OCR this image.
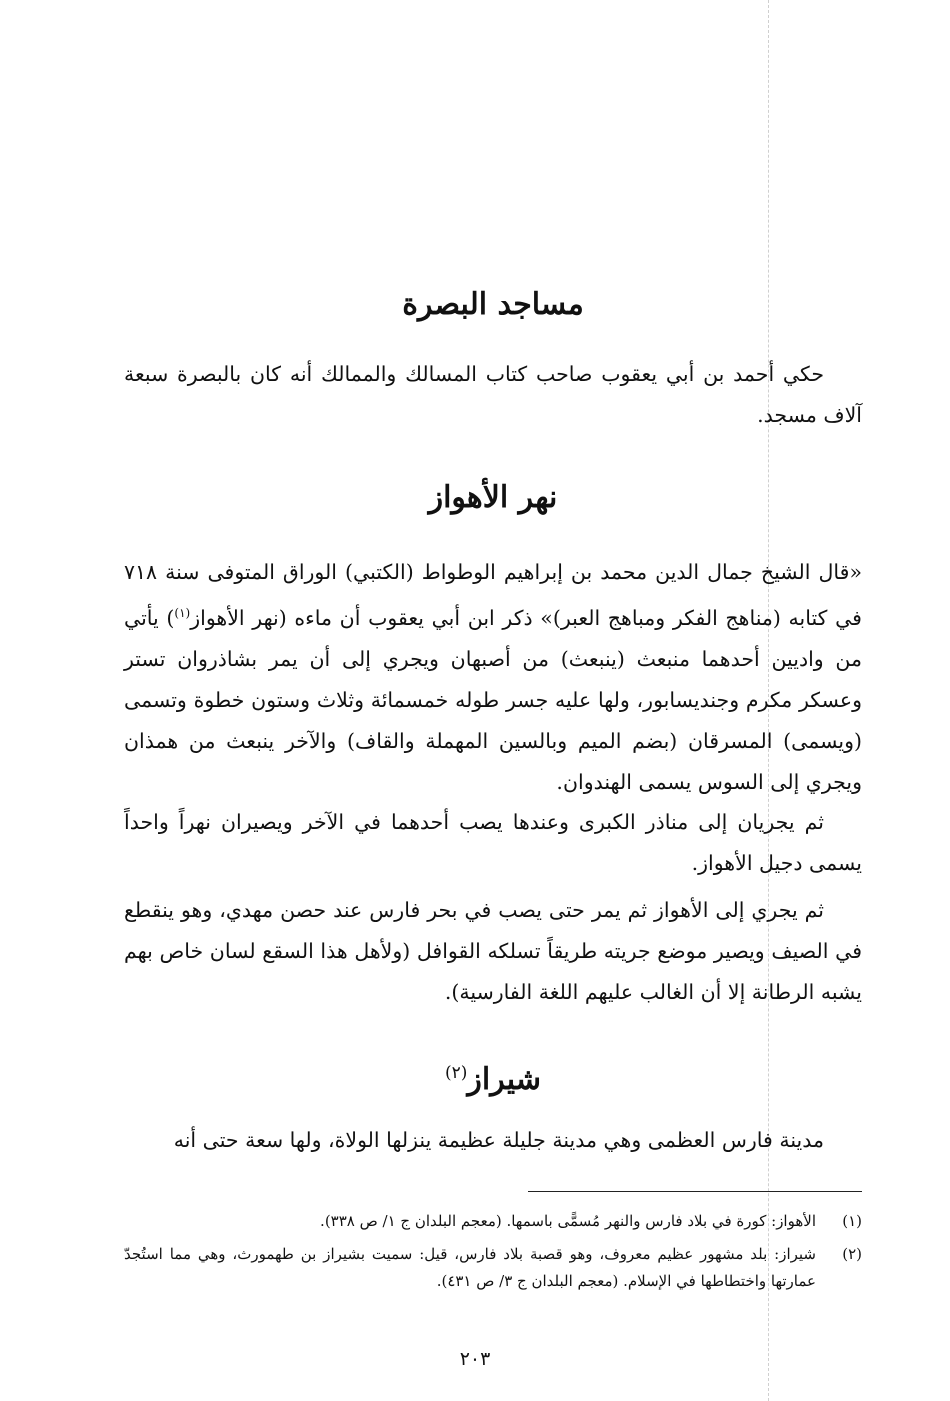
مساجد البصرة

حكي أحمد بن أبي يعقوب صاحب كتاب المسالك والممالك أنه كان بالبصرة سبعة آلاف مسجد.

نهر الأهواز

«قال الشيخ جمال الدين محمد بن إبراهيم الوطواط (الكتبي) الوراق المتوفى سنة ٧١٨ في كتابه (مناهج الفكر ومباهج العبر)» ذكر ابن أبي يعقوب أن ماءه (نهر الأهواز$^{(١)}$) يأتي من واديين أحدهما منبعث (ينبعث) من أصبهان ويجري إلى أن يمر بشاذروان تستر وعسكر مكرم وجنديسابور، ولها عليه جسر طوله خمسمائة وثلاث وستون خطوة وتسمى (ويسمى) المسرقان (بضم الميم وبالسين المهملة والقاف) والآخر ينبعث من همذان ويجري إلى السوس يسمى الهندوان.

ثم يجريان إلى مناذر الكبرى وعندها يصب أحدهما في الآخر ويصيران نهراً واحداً يسمى دجيل الأهواز.

ثم يجري إلى الأهواز ثم يمر حتى يصب في بحر فارس عند حصن مهدي، وهو ينقطع في الصيف ويصير موضع جريته طريقاً تسلكه القوافل (ولأهل هذا السقع لسان خاص بهم يشبه الرطانة إلا أن الغالب عليهم اللغة الفارسية).

شيراز$^{(٢)}$

مدينة فارس العظمى وهي مدينة جليلة عظيمة ينزلها الولاة، ولها سعة حتى أنه

(١)
الأهواز: كورة في بلاد فارس والنهر مُسمًّى باسمها. (معجم البلدان ج ١/ ص ٣٣٨).
(٢)
شيراز: بلد مشهور عظيم معروف، وهو قصبة بلاد فارس، قيل: سميت بشيراز بن طهمورث، وهي مما استُجدّ عمارتها واختطاطها في الإسلام. (معجم البلدان ج ٣/ ص ٤٣١).
٢٠٣
